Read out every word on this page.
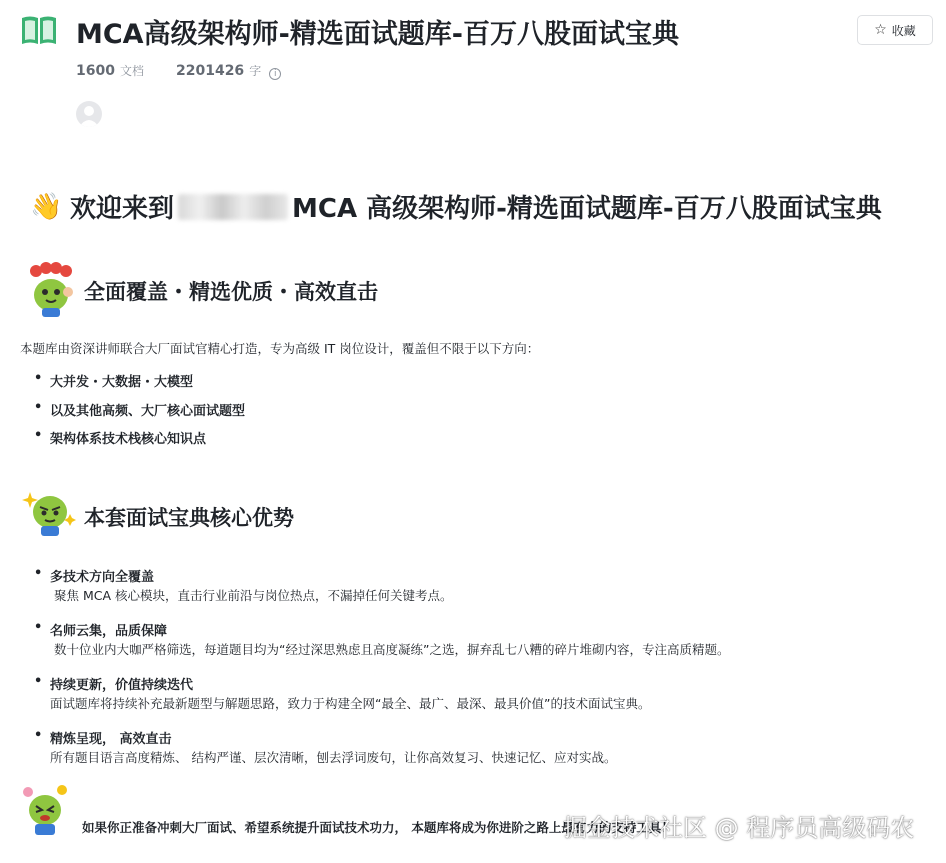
MCA高级架构师-精选面试题库-百万八股面试宝典	☆ 收藏
1600 文档 2201426 字	i
👋 欢迎来到	MCA 高级架构师-精选面试题库-百万八股面试宝典
全面覆盖・精选优质・高效直击
本题库由资深讲师联合大厂面试官精心打造，专为高级 IT 岗位设计，覆盖但不限于以下方向：
• 大并发・大数据・大模型
• 以及其他高频、大厂核心面试题型
• 架构体系技术栈核心知识点
本套面试宝典核心优势
• 多技术方向全覆盖
聚焦 MCA 核心模块，直击行业前沿与岗位热点，不漏掉任何关键考点。
• 名师云集，品质保障
数十位业内大咖严格筛选，每道题目均为“经过深思熟虑且高度凝练”之选，摒弃乱七八糟的碎片堆砌内容，专注高质精题。
• 持续更新，价值持续迭代
面试题库将持续补充最新题型与解题思路，致力于构建全网“最全、最广、最深、最具价值”的技术面试宝典。
• 精炼呈现， 高效直击
所有题目语言高度精炼、 结构严谨、层次清晰，刨去浮词废句，让你高效复习、快速记忆、应对实战。
如果你正准备冲刺大厂面试、希望系统提升面试技术功力， 本题库将成为你进阶之路上最有力的支持工具！
掘金技术社区 @ 程序员高级码农
